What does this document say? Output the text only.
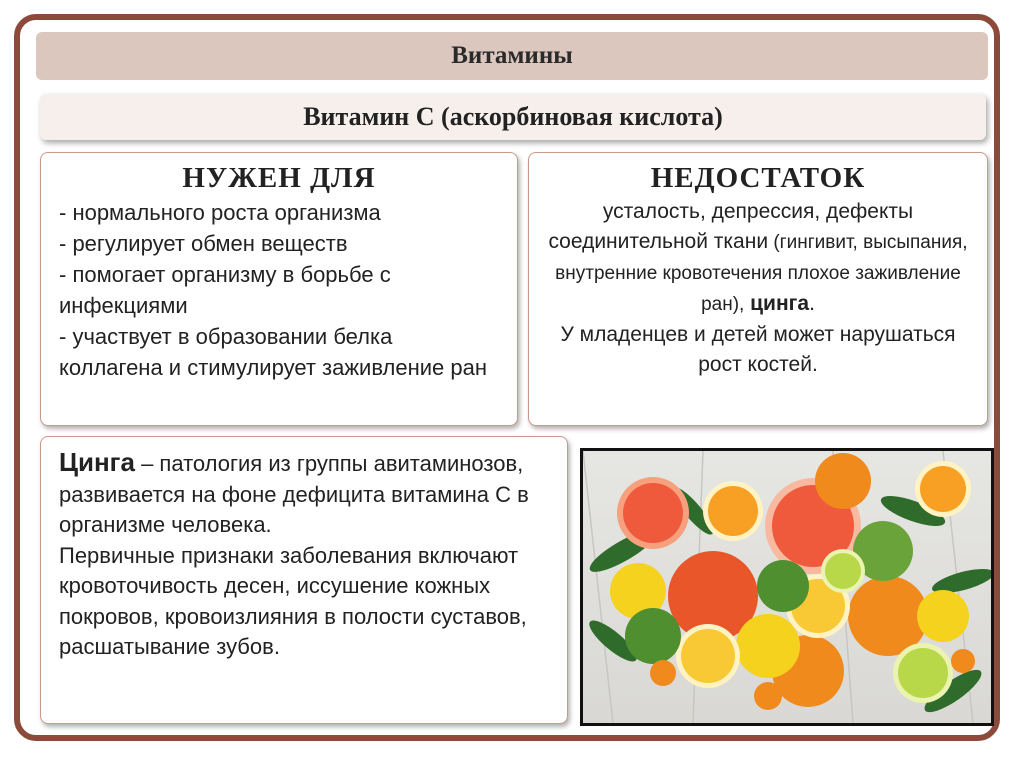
Витамины
Витамин С (аскорбиновая кислота)
НУЖЕН ДЛЯ
- нормального роста организма
- регулирует обмен веществ
- помогает организму в борьбе с инфекциями
- участвует в образовании белка коллагена и стимулирует заживление ран
НЕДОСТАТОК
усталость, депрессия, дефекты соединительной ткани (гингивит, высыпания, внутренние кровотечения плохое заживление ран), цинга.
У младенцев и детей может нарушаться рост костей.
Цинга – патология из группы авитаминозов, развивается на фоне дефицита витамина С в организме человека.
Первичные признаки заболевания включают кровоточивость десен, иссушение кожных покровов, кровоизлияния в полости суставов, расшатывание зубов.
